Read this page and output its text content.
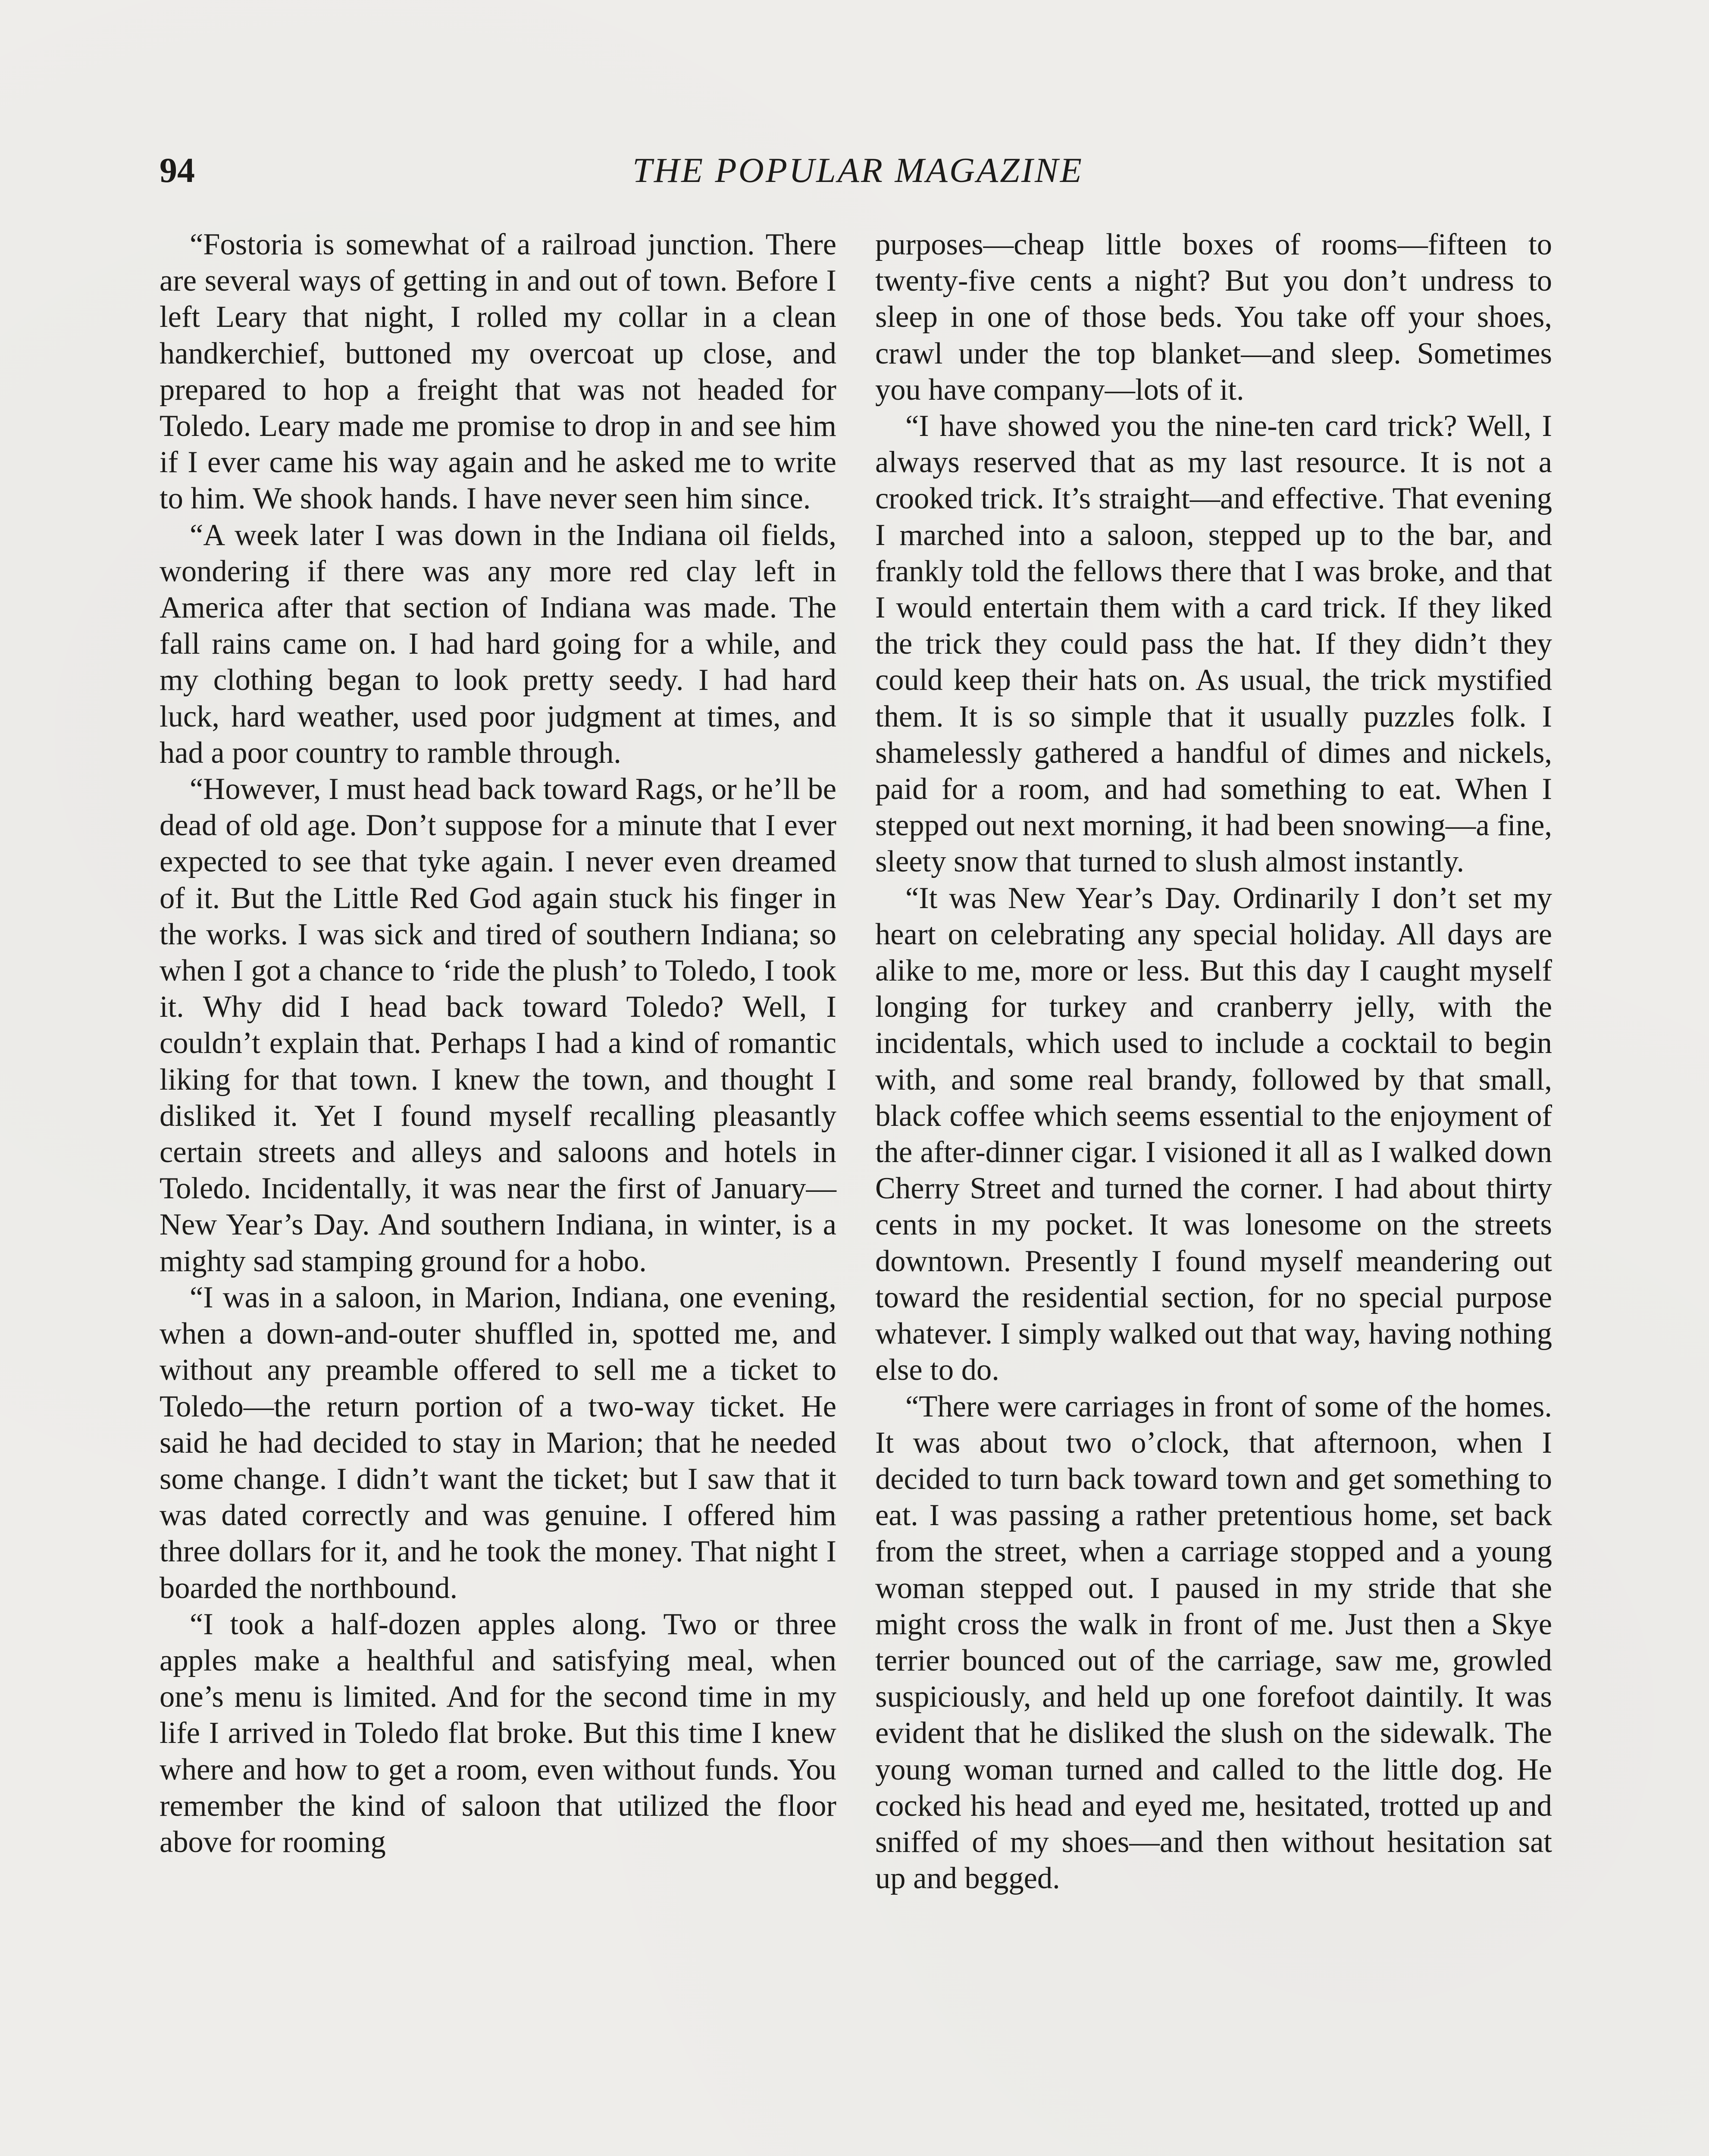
94	THE POPULAR MAGAZINE

“Fostoria is somewhat of a railroad junction. There are several ways of getting in and out of town. Before I left Leary that night, I rolled my collar in a clean handkerchief, buttoned my overcoat up close, and prepared to hop a freight that was not headed for Toledo. Leary made me promise to drop in and see him if I ever came his way again and he asked me to write to him. We shook hands. I have never seen him since.

“A week later I was down in the Indiana oil fields, wondering if there was any more red clay left in America after that section of Indiana was made. The fall rains came on. I had hard going for a while, and my clothing began to look pretty seedy. I had hard luck, hard weather, used poor judgment at times, and had a poor country to ramble through.

“However, I must head back toward Rags, or he’ll be dead of old age. Don’t suppose for a minute that I ever expected to see that tyke again. I never even dreamed of it. But the Little Red God again stuck his finger in the works. I was sick and tired of southern Indiana; so when I got a chance to ‘ride the plush’ to Toledo, I took it. Why did I head back toward Toledo? Well, I couldn’t explain that. Perhaps I had a kind of romantic liking for that town. I knew the town, and thought I disliked it. Yet I found myself recalling pleasantly certain streets and alleys and saloons and hotels in Toledo. Incidentally, it was near the first of January—New Year’s Day. And southern Indiana, in winter, is a mighty sad stamping ground for a hobo.

“I was in a saloon, in Marion, Indiana, one evening, when a down-and-outer shuffled in, spotted me, and without any preamble offered to sell me a ticket to Toledo—the return portion of a two-way ticket. He said he had decided to stay in Marion; that he needed some change. I didn’t want the ticket; but I saw that it was dated correctly and was genuine. I offered him three dollars for it, and he took the money. That night I boarded the northbound.

“I took a half-dozen apples along. Two or three apples make a healthful and satisfying meal, when one’s menu is limited. And for the second time in my life I arrived in Toledo flat broke. But this time I knew where and how to get a room, even without funds. You remember the kind of saloon that utilized the floor above for rooming

purposes—cheap little boxes of rooms—fifteen to twenty-five cents a night? But you don’t undress to sleep in one of those beds. You take off your shoes, crawl under the top blanket—and sleep. Sometimes you have company—lots of it.

“I have showed you the nine-ten card trick? Well, I always reserved that as my last resource. It is not a crooked trick. It’s straight—and effective. That evening I marched into a saloon, stepped up to the bar, and frankly told the fellows there that I was broke, and that I would entertain them with a card trick. If they liked the trick they could pass the hat. If they didn’t they could keep their hats on. As usual, the trick mystified them. It is so simple that it usually puzzles folk. I shamelessly gathered a handful of dimes and nickels, paid for a room, and had something to eat. When I stepped out next morning, it had been snowing—a fine, sleety snow that turned to slush almost instantly.

“It was New Year’s Day. Ordinarily I don’t set my heart on celebrating any special holiday. All days are alike to me, more or less. But this day I caught myself longing for turkey and cranberry jelly, with the incidentals, which used to include a cocktail to begin with, and some real brandy, followed by that small, black coffee which seems essential to the enjoyment of the after-dinner cigar. I visioned it all as I walked down Cherry Street and turned the corner. I had about thirty cents in my pocket. It was lonesome on the streets downtown. Presently I found myself meandering out toward the residential section, for no special purpose whatever. I simply walked out that way, having nothing else to do.

“There were carriages in front of some of the homes. It was about two o’clock, that afternoon, when I decided to turn back toward town and get something to eat. I was passing a rather pretentious home, set back from the street, when a carriage stopped and a young woman stepped out. I paused in my stride that she might cross the walk in front of me. Just then a Skye terrier bounced out of the carriage, saw me, growled suspiciously, and held up one forefoot daintily. It was evident that he disliked the slush on the sidewalk. The young woman turned and called to the little dog. He cocked his head and eyed me, hesitated, trotted up and sniffed of my shoes—and then without hesitation sat up and begged.
